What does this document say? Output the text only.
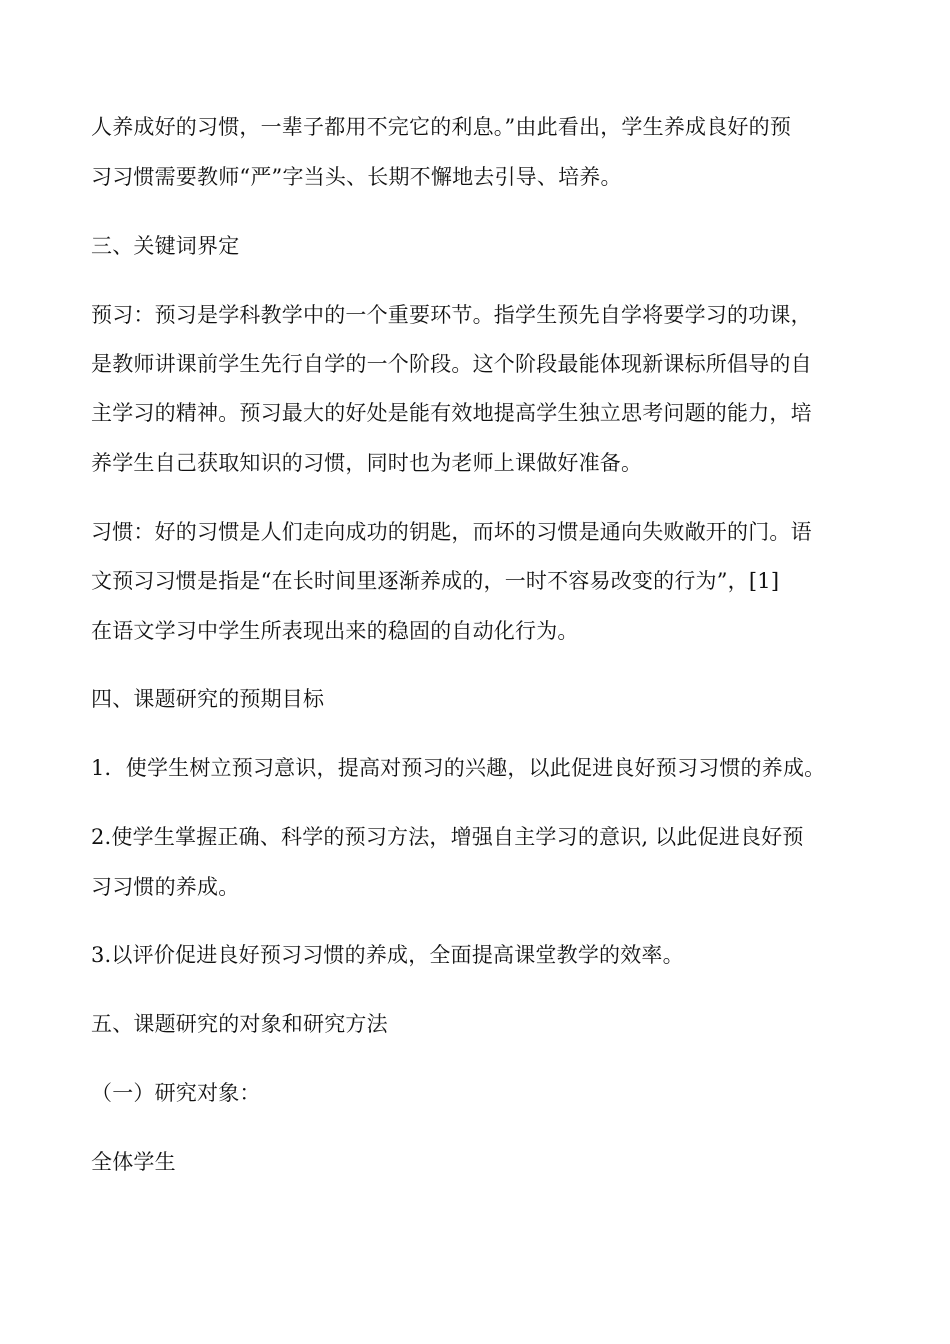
人养成好的习惯，一辈子都用不完它的利息。”由此看出，学生养成良好的预
习习惯需要教师“严”字当头、长期不懈地去引导、培养。
三、关键词界定
预习：预习是学科教学中的一个重要环节。指学生预先自学将要学习的功课，
是教师讲课前学生先行自学的一个阶段。这个阶段最能体现新课标所倡导的自
主学习的精神。预习最大的好处是能有效地提高学生独立思考问题的能力，培
养学生自己获取知识的习惯，同时也为老师上课做好准备。
习惯：好的习惯是人们走向成功的钥匙，而坏的习惯是通向失败敞开的门。语
文预习习惯是指是“在长时间里逐渐养成的，一时不容易改变的行为”，[1]
在语文学习中学生所表现出来的稳固的自动化行为。
四、课题研究的预期目标
1．使学生树立预习意识，提高对预习的兴趣，以此促进良好预习习惯的养成。
2.使学生掌握正确、科学的预习方法，增强自主学习的意识, 以此促进良好预
习习惯的养成。
3.以评价促进良好预习习惯的养成，全面提高课堂教学的效率。
五、课题研究的对象和研究方法
（一）研究对象：
全体学生
